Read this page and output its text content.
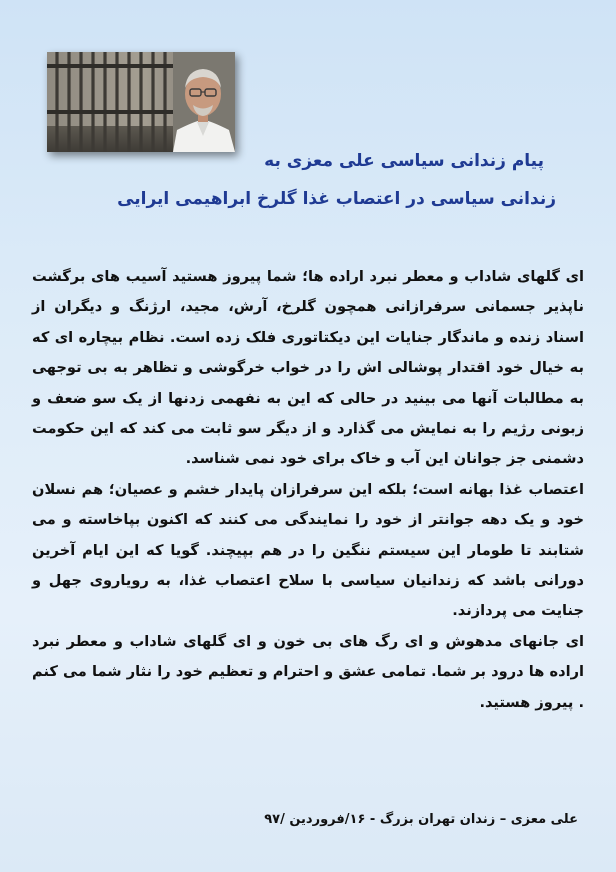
پیام زندانی سیاسی علی معزی به

زندانی سیاسی در اعتصاب غذا گلرخ ابراهیمی ایرایی

ای گلهای شاداب و معطر نبرد اراده ها؛ شما پیروز هستید آسیب های برگشت ناپذیر جسمانی سرفرازانی همچون گلرخ، آرش، مجید، ارژنگ و دیگران از اسناد زنده و ماندگار جنایات این دیکتاتوری فلک زده است. نظام بیچاره ای که به خیال خود اقتدار پوشالی اش را در خواب خرگوشی و تظاهر به بی توجهی به مطالبات آنها می بینید در حالی که این به نفهمی زدنها از یک سو ضعف و زبونی رژیم را به نمایش می گذارد و از دیگر سو ثابت می کند که این حکومت دشمنی جز جوانان این آب و خاک برای خود نمی شناسد.

اعتصاب غذا بهانه است؛ بلکه این سرفرازان پایدار خشم و عصیان؛ هم نسلان خود و یک دهه جوانتر از خود را نمایندگی می کنند که اکنون بپاخاسته و می شتابند تا طومار این سیستم ننگین را در هم بپیچند. گویا که این ایام آخرین دورانی باشد که زندانیان سیاسی با سلاح اعتصاب غذا، به رویاروی جهل و جنایت می پردازند.

ای جانهای مدهوش و ای رگ های بی خون و ای گلهای شاداب و معطر نبرد اراده ها درود بر شما. تمامی عشق و احترام و تعظیم خود را نثار شما می کنم . پیروز هستید.

علی معزی – زندان تهران بزرگ - ۱۶/فروردین /۹۷
